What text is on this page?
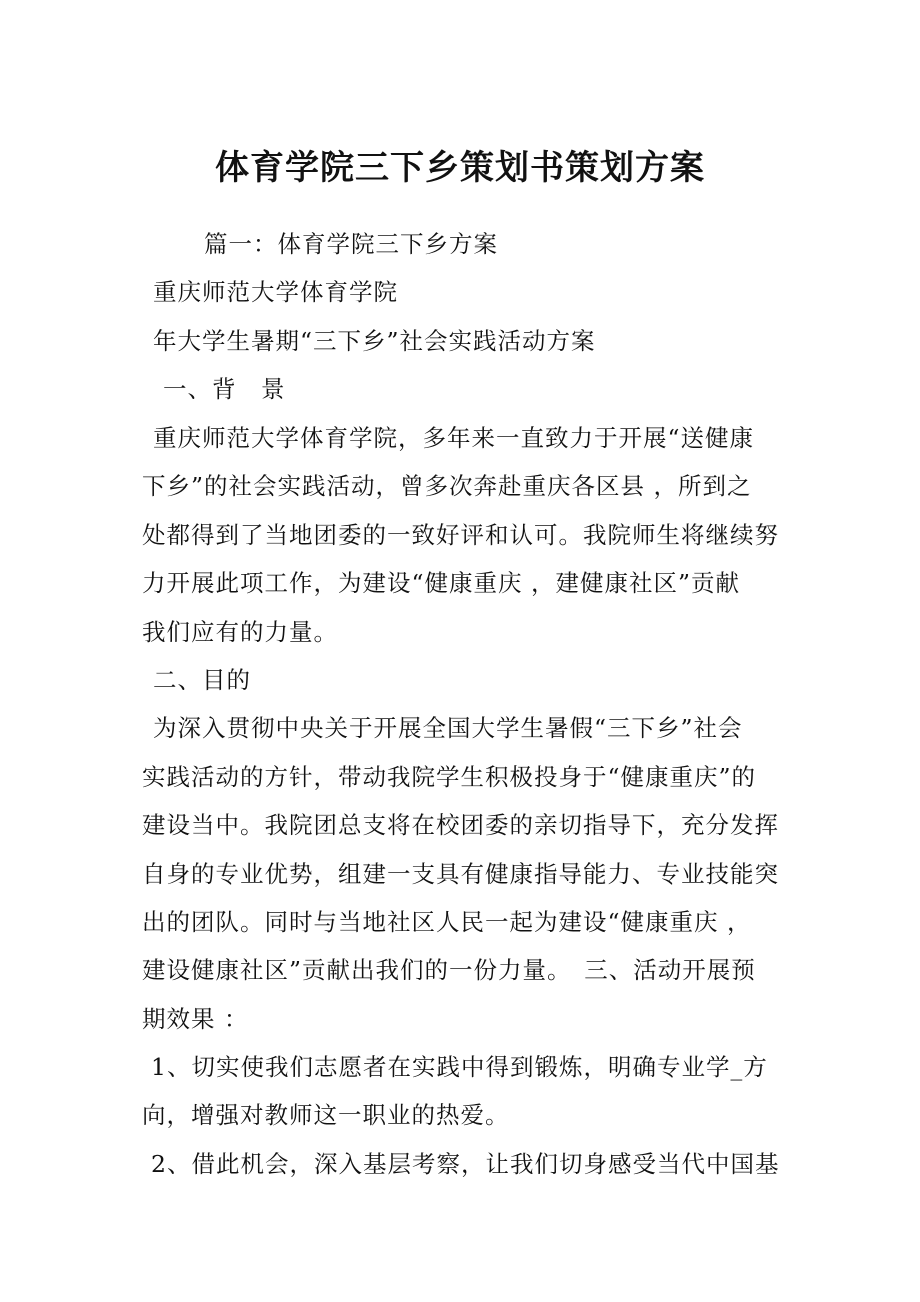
体育学院三下乡策划书策划方案
篇一：体育学院三下乡方案
重庆师范大学体育学院
年大学生暑期“三下乡”社会实践活动方案
一、背　景
重庆师范大学体育学院，多年来一直致力于开展“送健康
下乡”的社会实践活动，曾多次奔赴重庆各区县 ，所到之
处都得到了当地团委的一致好评和认可。我院师生将继续努
力开展此项工作，为建设“健康重庆 ，建健康社区”贡献
我们应有的力量。
二、目的
为深入贯彻中央关于开展全国大学生暑假“三下乡”社会
实践活动的方针，带动我院学生积极投身于“健康重庆”的
建设当中。我院团总支将在校团委的亲切指导下，充分发挥
自身的专业优势，组建一支具有健康指导能力、专业技能突
出的团队。同时与当地社区人民一起为建设“健康重庆 ，
建设健康社区”贡献出我们的一份力量。　三、活动开展预
期效果 ：
1、切实使我们志愿者在实践中得到锻炼，明确专业学_方
向，增强对教师这一职业的热爱。
2、借此机会，深入基层考察，让我们切身感受当代中国基
